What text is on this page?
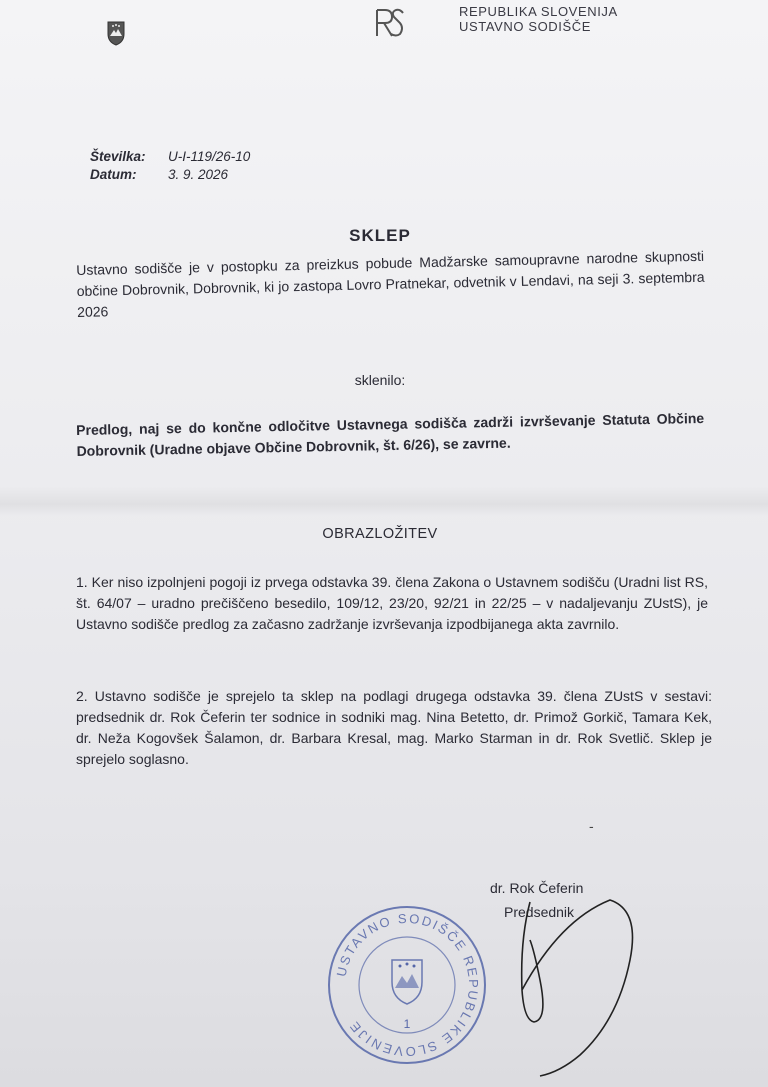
REPUBLIKA SLOVENIJA
USTAVNO SODIŠČE
Številka:	U-I-119/26-10
Datum:	3. 9. 2026
SKLEP
Ustavno sodišče je v postopku za preizkus pobude Madžarske samoupravne narodne skupnosti občine Dobrovnik, Dobrovnik, ki jo zastopa Lovro Pratnekar, odvetnik v Lendavi, na seji 3. septembra 2026
sklenilo:
Predlog, naj se do končne odločitve Ustavnega sodišča zadrži izvrševanje Statuta Občine Dobrovnik (Uradne objave Občine Dobrovnik, št. 6/26), se zavrne.
OBRAZLOŽITEV
1. Ker niso izpolnjeni pogoji iz prvega odstavka 39. člena Zakona o Ustavnem sodišču (Uradni list RS, št. 64/07 – uradno prečiščeno besedilo, 109/12, 23/20, 92/21 in 22/25 – v nadaljevanju ZUstS), je Ustavno sodišče predlog za začasno zadržanje izvrševanja izpodbijanega akta zavrnilo.
2. Ustavno sodišče je sprejelo ta sklep na podlagi drugega odstavka 39. člena ZUstS v sestavi: predsednik dr. Rok Čeferin ter sodnice in sodniki mag. Nina Betetto, dr. Primož Gorkič, Tamara Kek, dr. Neža Kogovšek Šalamon, dr. Barbara Kresal, mag. Marko Starman in dr. Rok Svetlič. Sklep je sprejelo soglasno.
-
dr. Rok Čeferin
Predsednik
USTAVNO SODIŠČE REPUBLIKE SLOVENIJE	1
